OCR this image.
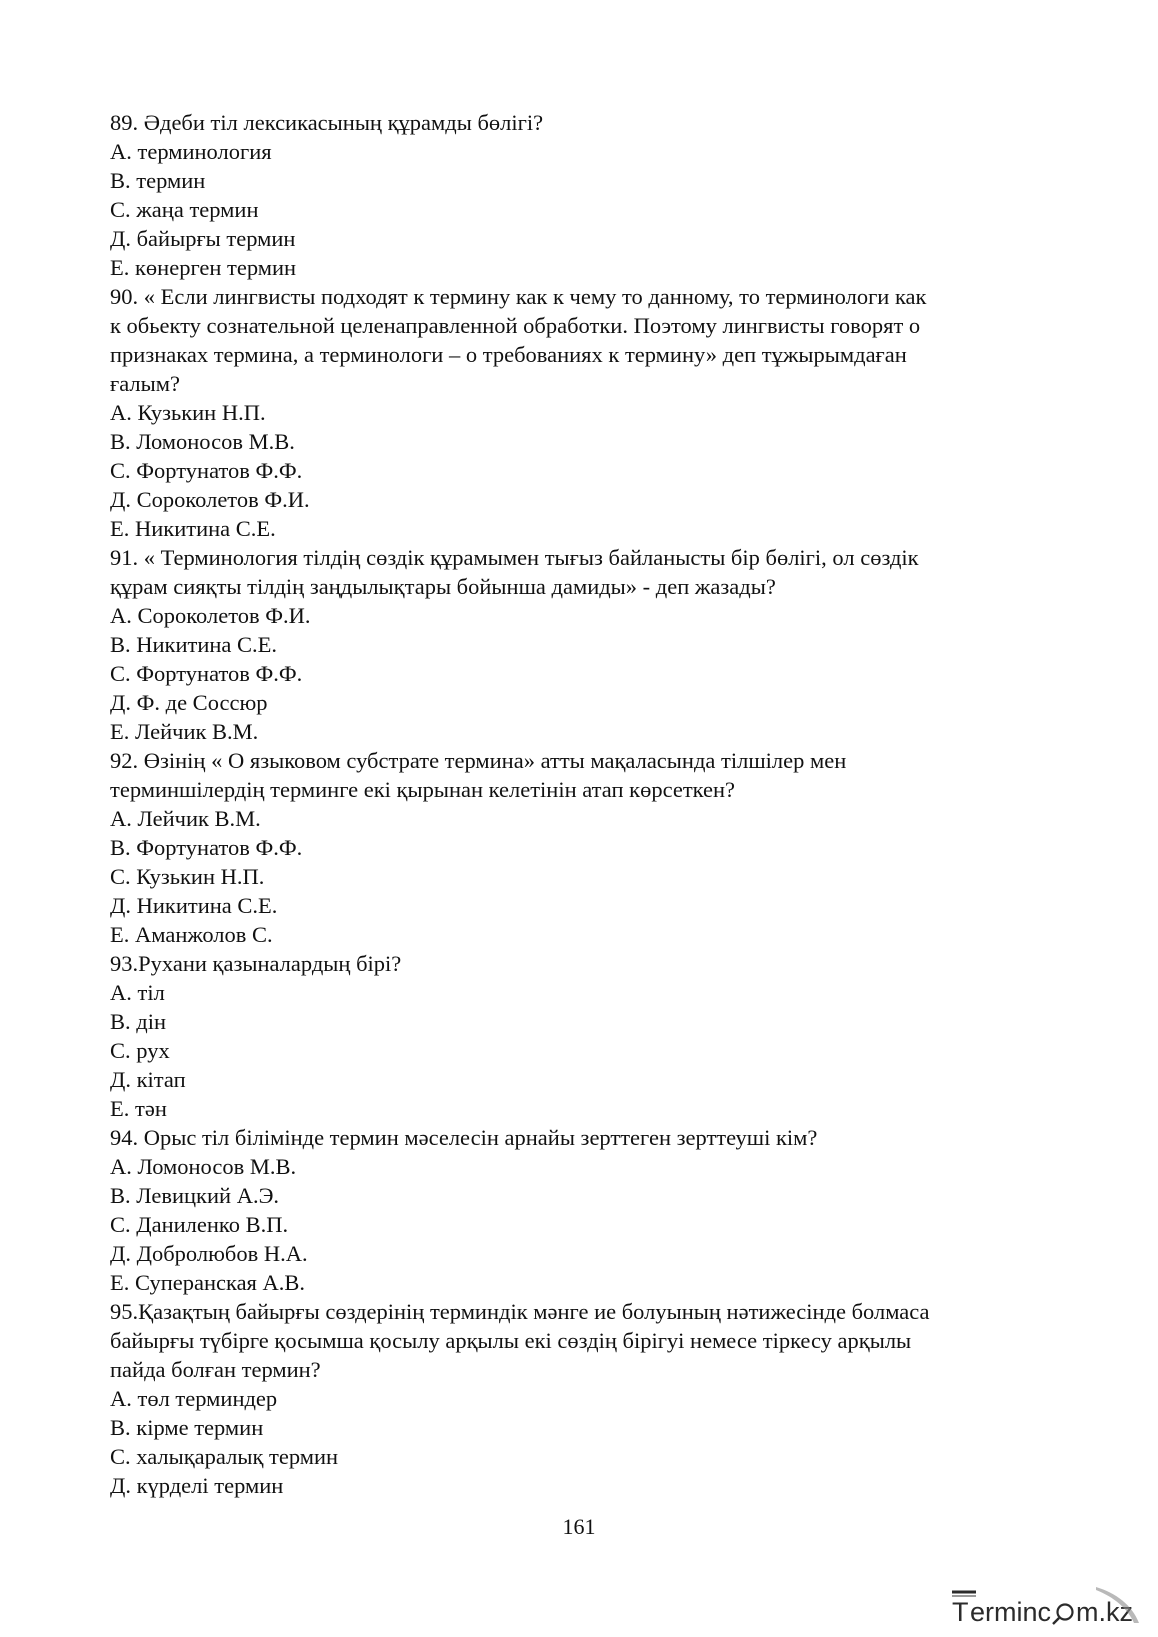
89. Әдеби тіл лексикасының құрамды бөлігі?
А. терминология
В. термин
С. жаңа термин
Д. байырғы термин
Е. көнерген термин
90. « Если лингвисты подходят к термину как к чему то данному, то терминологи как
к обьекту сознательной целенаправленной обработки. Поэтому лингвисты говорят о
признаках термина, а терминологи – о требованиях к термину» деп тұжырымдаған
ғалым?
А. Кузькин Н.П.
В. Ломоносов М.В.
С. Фортунатов Ф.Ф.
Д. Сороколетов Ф.И.
Е. Никитина С.Е.
91. « Терминология тілдің сөздік құрамымен тығыз байланысты бір бөлігі, ол сөздік
құрам сияқты тілдің заңдылықтары бойынша дамиды» - деп жазады?
А. Сороколетов Ф.И.
В. Никитина С.Е.
С. Фортунатов Ф.Ф.
Д. Ф. де Соссюр
Е. Лейчик В.М.
92. Өзінің « О языковом субстрате термина» атты мақаласында тілшілер мен
терминшілердің терминге екі қырынан келетінін атап көрсеткен?
А. Лейчик В.М.
В. Фортунатов Ф.Ф.
С. Кузькин Н.П.
Д. Никитина С.Е.
Е. Аманжолов С.
93.Рухани қазыналардың бірі?
А. тіл
В. дін
С. рух
Д. кітап
Е. тән
94. Орыс тіл білімінде термин мәселесін арнайы зерттеген зерттеуші кім?
А. Ломоносов М.В.
В. Левицкий А.Э.
С. Даниленко В.П.
Д. Добролюбов Н.А.
Е. Суперанская А.В.
95.Қазақтың байырғы сөздерінің терминдік мәнге ие болуының нәтижесінде болмаса
байырғы түбірге қосымша қосылу арқылы екі сөздің бірігуі немесе тіркесу арқылы
пайда болған термин?
А. төл терминдер
В. кірме термин
С. халықаралық термин
Д. күрделі термин
161
T erminc m.kz
